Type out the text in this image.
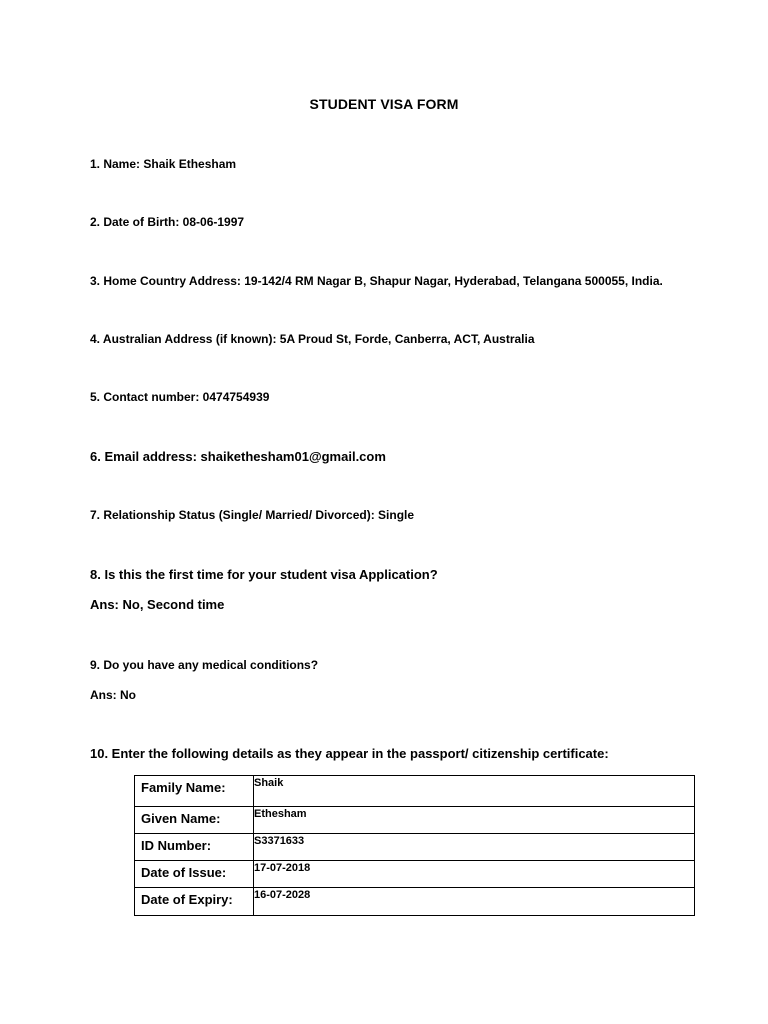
STUDENT VISA FORM
1. Name: Shaik Ethesham
2. Date of Birth: 08-06-1997
3. Home Country Address: 19-142/4 RM Nagar B, Shapur Nagar, Hyderabad, Telangana 500055, India.
4. Australian Address (if known): 5A Proud St, Forde, Canberra, ACT, Australia
5. Contact number: 0474754939
6. Email address: shaikethesham01@gmail.com
7. Relationship Status (Single/ Married/ Divorced): Single
8. Is this the first time for your student visa Application?
Ans: No, Second time
9. Do you have any medical conditions?
Ans: No
10. Enter the following details as they appear in the passport/ citizenship certificate:
Family Name:	Shaik
Given Name:	Ethesham
ID Number:	S3371633
Date of Issue:	17-07-2018
Date of Expiry:	16-07-2028
